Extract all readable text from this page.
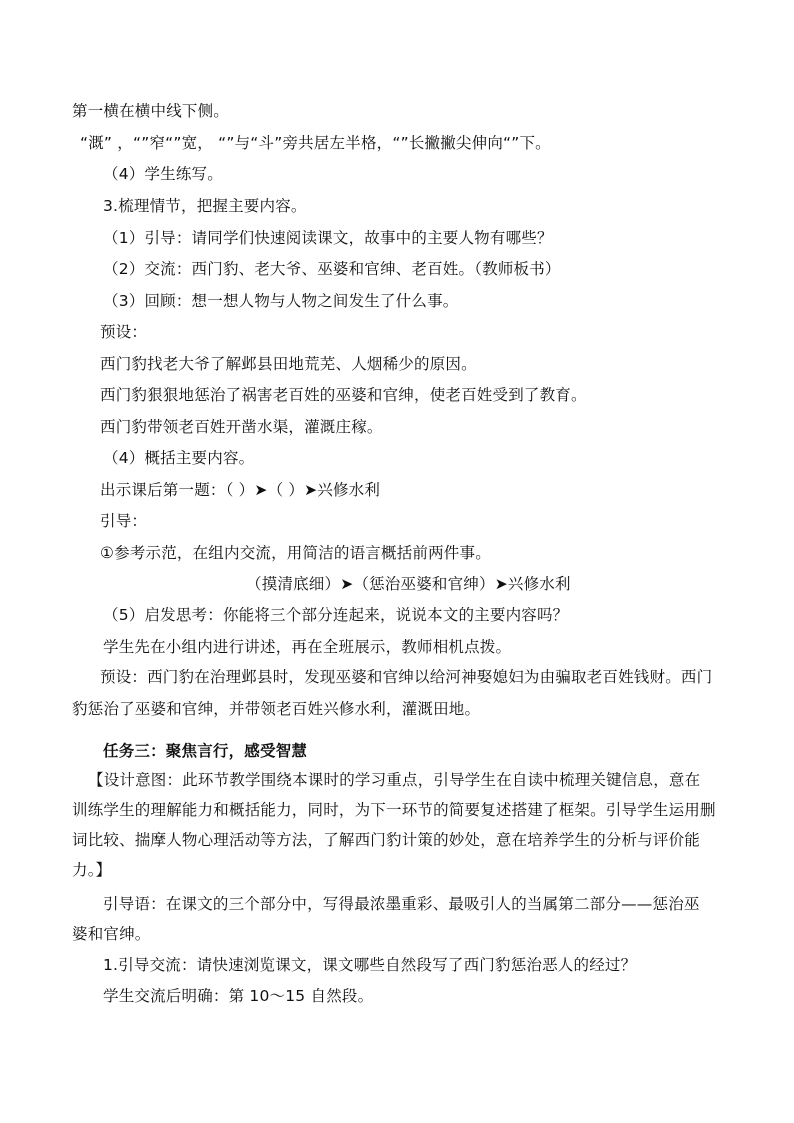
第一横在横中线下侧。
“溉” ，“”窄“”宽， “”与“斗”旁共居左半格，“”长撇撇尖伸向“”下。
（4）学生练写。
3.梳理情节，把握主要内容。
（1）引导：请同学们快速阅读课文，故事中的主要人物有哪些？
（2）交流：西门豹、老大爷、巫婆和官绅、老百姓。（教师板书）
（3）回顾：想一想人物与人物之间发生了什么事。
预设：
西门豹找老大爷了解邺县田地荒芜、人烟稀少的原因。
西门豹狠狠地惩治了祸害老百姓的巫婆和官绅，使老百姓受到了教育。
西门豹带领老百姓开凿水渠，灌溉庄稼。
（4）概括主要内容。
出示课后第一题：（ ）➤（ ）➤兴修水利
引导：
①参考示范，在组内交流，用简洁的语言概括前两件事。
（摸清底细）➤（惩治巫婆和官绅）➤兴修水利
（5）启发思考：你能将三个部分连起来，说说本文的主要内容吗？
学生先在小组内进行讲述，再在全班展示，教师相机点拨。
预设：西门豹在治理邺县时，发现巫婆和官绅以给河神娶媳妇为由骗取老百姓钱财。西门
豹惩治了巫婆和官绅，并带领老百姓兴修水利，灌溉田地。
任务三：聚焦言行，感受智慧
【设计意图：此环节教学围绕本课时的学习重点，引导学生在自读中梳理关键信息，意在
训练学生的理解能力和概括能力，同时，为下一环节的简要复述搭建了框架。引导学生运用删
词比较、揣摩人物心理活动等方法，了解西门豹计策的妙处，意在培养学生的分析与评价能
力。】
引导语：在课文的三个部分中，写得最浓墨重彩、最吸引人的当属第二部分——惩治巫
婆和官绅。
1.引导交流：请快速浏览课文，课文哪些自然段写了西门豹惩治恶人的经过？
学生交流后明确：第 10～15 自然段。
